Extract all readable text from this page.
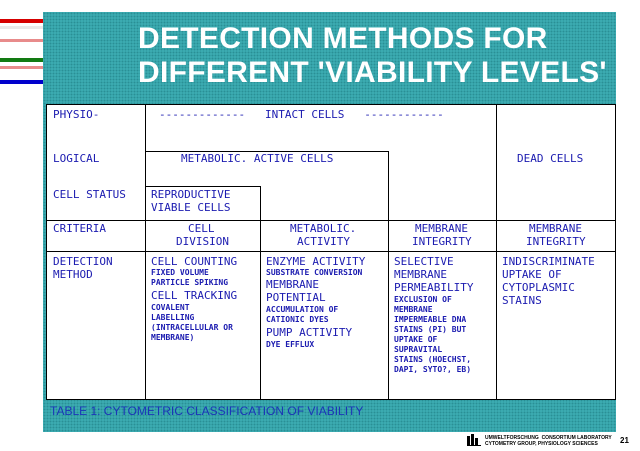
DETECTION METHODS FOR
DIFFERENT 'VIABILITY LEVELS'
PHYSIO-
LOGICAL
CELL STATUS
CRITERIA
DETECTION
METHOD
-------------   INTACT CELLS   ------------
METABOLIC. ACTIVE CELLS	DEAD CELLS
REPRODUCTIVE
VIABLE CELLS
CELL
DIVISION
METABOLIC.
ACTIVITY
MEMBRANE
INTEGRITY
MEMBRANE
INTEGRITY
CELL COUNTING
FIXED VOLUME
PARTICLE SPIKING
CELL TRACKING
COVALENT
LABELLING
(INTRACELLULAR OR
MEMBRANE)
ENZYME ACTIVITY
SUBSTRATE CONVERSION
MEMBRANE
POTENTIAL
ACCUMULATION OF
CATIONIC DYES
PUMP ACTIVITY
DYE EFFLUX
SELECTIVE
MEMBRANE
PERMEABILITY
EXCLUSION OF
MEMBRANE
IMPERMEABLE DNA
STAINS (PI) BUT
UPTAKE OF
SUPRAVITAL
STAINS (HOECHST,
DAPI, SYTO?, EB)
INDISCRIMINATE
UPTAKE OF
CYTOPLASMIC
STAINS
TABLE 1: CYTOMETRIC CLASSIFICATION OF VIABILITY
UMWELTFORSCHUNG  CONSORTIUM LABORATORY
CYTOMETRY GROUP, PHYSIOLOGY SCIENCES	21
